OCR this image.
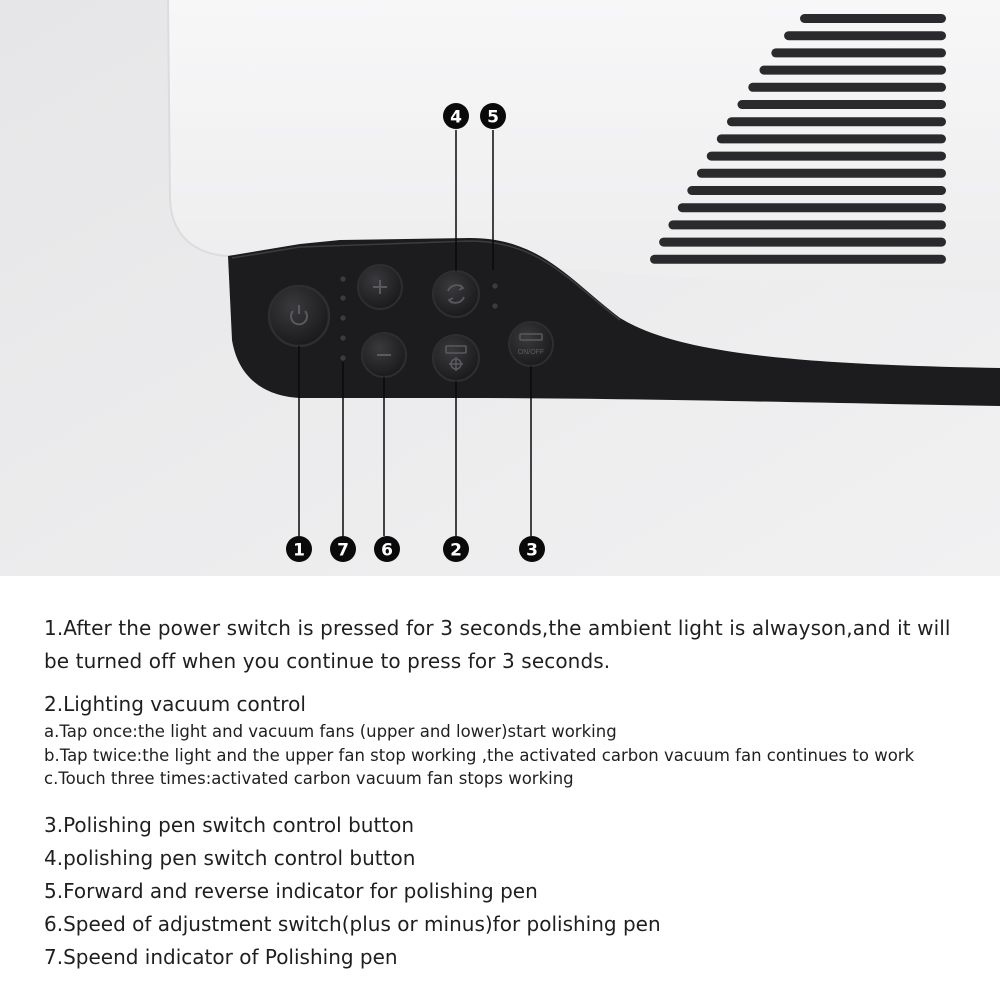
ON/OFF
1 7 6	2	3
4 5

1.After the power switch is pressed for 3 seconds,the ambient light is alwayson,and it will be turned off when you continue to press for 3 seconds.

2.Lighting vacuum control
a.Tap once:the light and vacuum fans (upper and lower)start working
b.Tap twice:the light and the upper fan stop working ,the activated carbon vacuum fan continues to work
c.Touch three times:activated carbon vacuum fan stops working
3.Polishing pen switch control button
4.polishing pen switch control button
5.Forward and reverse indicator for polishing pen
6.Speed of adjustment switch(plus or minus)for polishing pen
7.Speend indicator of Polishing pen
